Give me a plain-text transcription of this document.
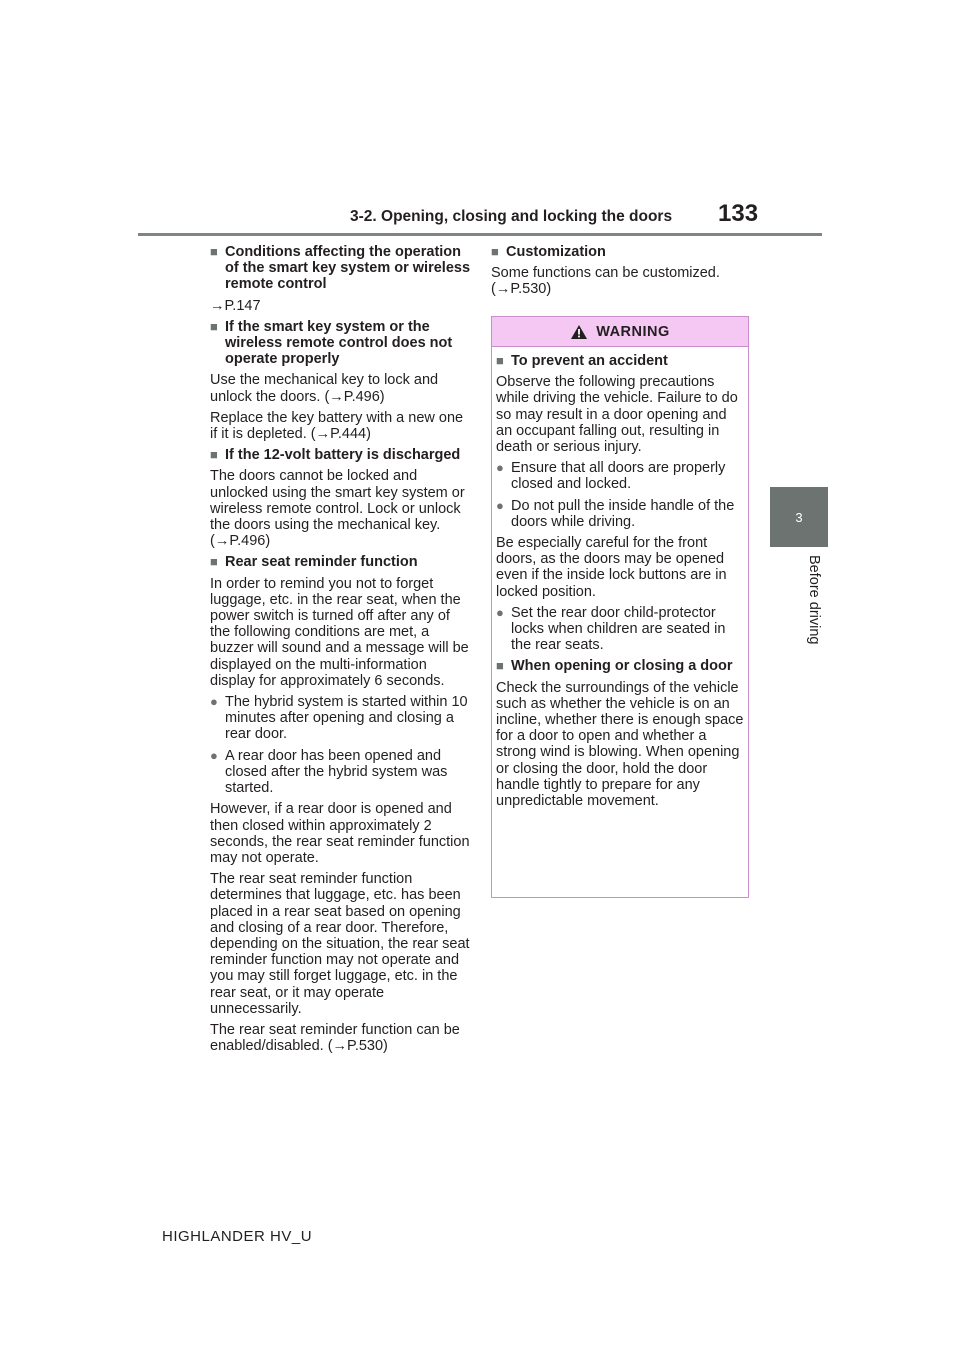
3-2. Opening, closing and locking the doors 133
3
Before driving
■ Conditions affecting the operation of the smart key system or wireless remote control
→P.147
■ If the smart key system or the wireless remote control does not operate properly
Use the mechanical key to lock and unlock the doors. (→P.496)
Replace the key battery with a new one if it is depleted. (→P.444)
■ If the 12-volt battery is discharged
The doors cannot be locked and unlocked using the smart key system or wireless remote control. Lock or unlock the doors using the mechanical key. (→P.496)
■ Rear seat reminder function
In order to remind you not to forget luggage, etc. in the rear seat, when the power switch is turned off after any of the following conditions are met, a buzzer will sound and a message will be displayed on the multi-information display for approximately 6 seconds.
● The hybrid system is started within 10 minutes after opening and closing a rear door.
● A rear door has been opened and closed after the hybrid system was started.
However, if a rear door is opened and then closed within approximately 2 seconds, the rear seat reminder function may not operate.
The rear seat reminder function determines that luggage, etc. has been placed in a rear seat based on opening and closing of a rear door. Therefore, depending on the situation, the rear seat reminder function may not operate and you may still forget luggage, etc. in the rear seat, or it may operate unnecessarily.
The rear seat reminder function can be enabled/disabled. (→P.530)
■ Customization
Some functions can be customized. (→P.530)
WARNING
■ To prevent an accident
Observe the following precautions while driving the vehicle. Failure to do so may result in a door opening and an occupant falling out, resulting in death or serious injury.
● Ensure that all doors are properly closed and locked.
● Do not pull the inside handle of the doors while driving.
Be especially careful for the front doors, as the doors may be opened even if the inside lock buttons are in locked position.
● Set the rear door child-protector locks when children are seated in the rear seats.
■ When opening or closing a door
Check the surroundings of the vehicle such as whether the vehicle is on an incline, whether there is enough space for a door to open and whether a strong wind is blowing. When opening or closing the door, hold the door handle tightly to prepare for any unpredictable movement.
HIGHLANDER HV_U
